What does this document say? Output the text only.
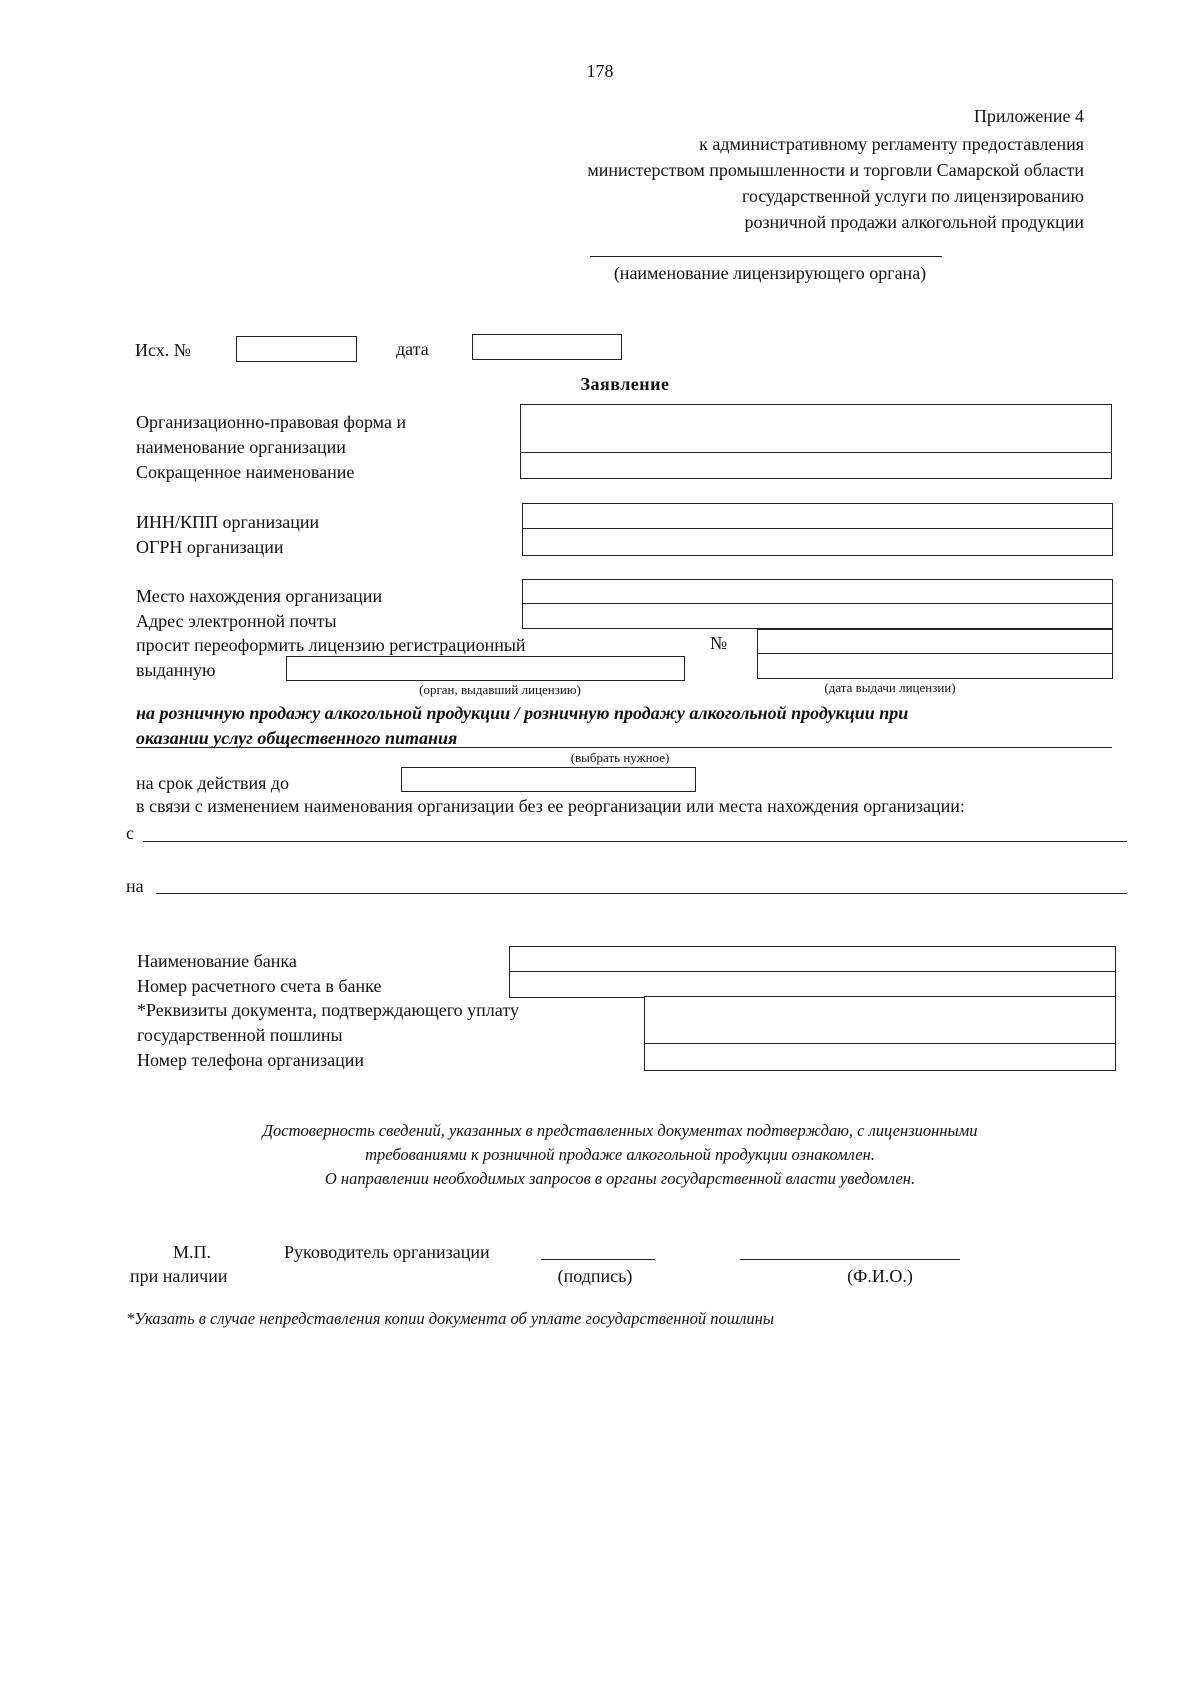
178
Приложение 4
к административному регламенту предоставления
министерством промышленности и торговли Самарской области
государственной услуги по лицензированию
розничной продажи алкогольной продукции
(наименование лицензирующего органа)
Исх. №	дата
Заявление
Организационно-правовая форма и
наименование организации
Сокращенное наименование
ИНН/КПП организации
ОГРН организации
Место нахождения организации
Адрес электронной почты
просит переоформить лицензию регистрационный	№
выданную
(орган, выдавший лицензию)	(дата выдачи лицензии)
на розничную продажу алкогольной продукции / розничную продажу алкогольной продукции при
оказании услуг общественного питания
(выбрать нужное)
на срок действия до
в связи с изменением наименования организации без ее реорганизации или места нахождения организации:
с
на
Наименование банка
Номер расчетного счета в банке
*Реквизиты документа, подтверждающего уплату
государственной пошлины
Номер телефона организации
Достоверность сведений, указанных в представленных документах подтверждаю, с лицензионными
требованиями к розничной продаже алкогольной продукции ознакомлен.
О направлении необходимых запросов в органы государственной власти уведомлен.
М.П.
при наличии
Руководитель организации
(подпись)	(Ф.И.О.)
*Указать в случае непредставления копии документа об уплате государственной пошлины
